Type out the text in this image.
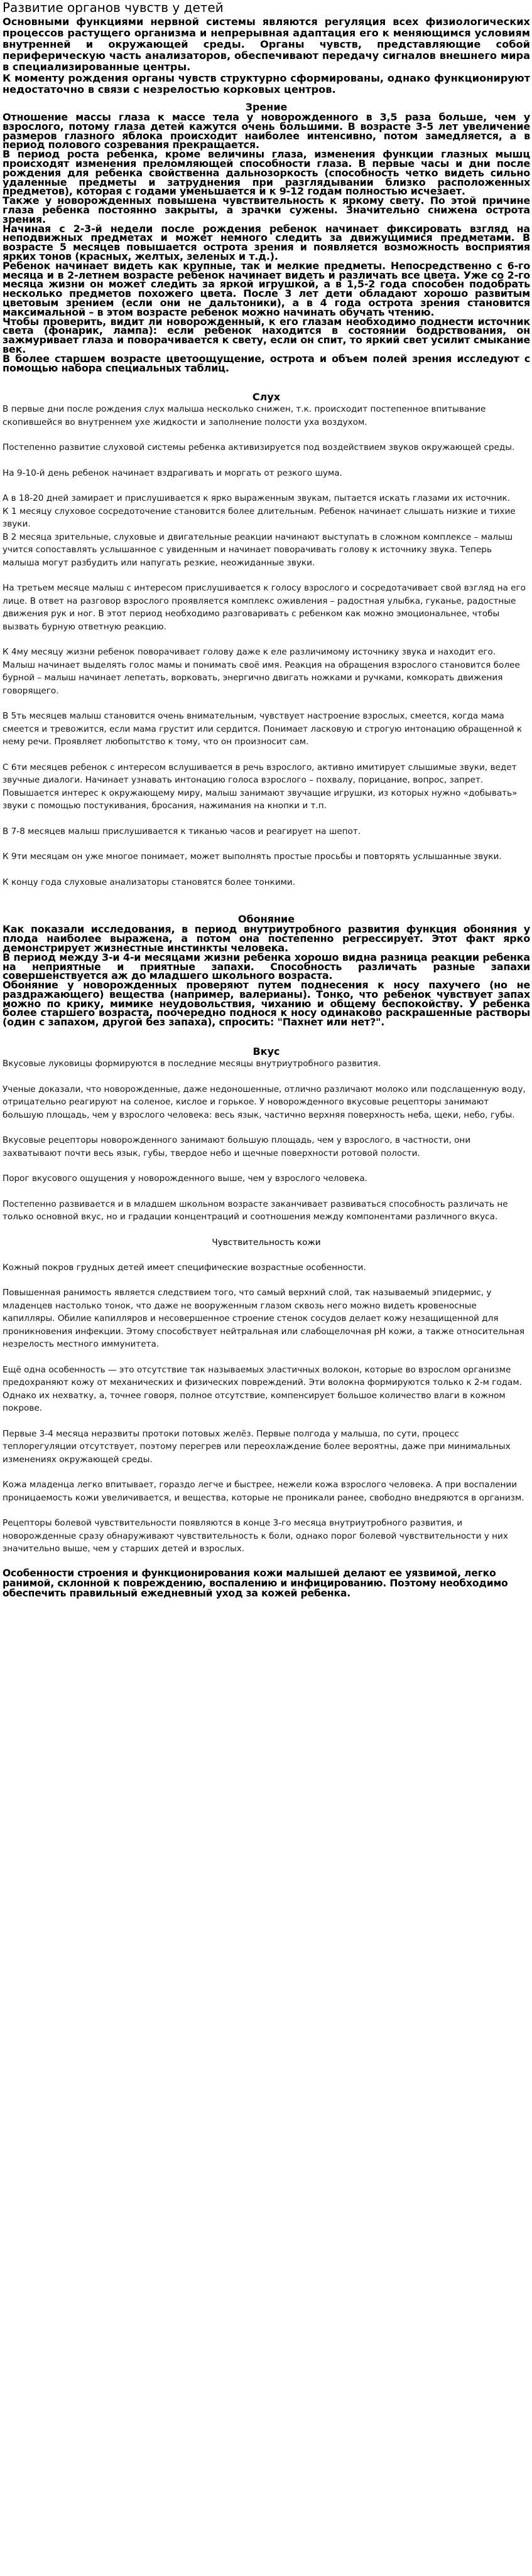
Развитие органов чувств у детей

Основными функциями нервной системы являются регуляция всех физиологических процессов растущего организма и непрерывная адаптация его к меняющимся условиям внутренней и окружающей среды. Органы чувств, представляющие собой периферическую часть анализаторов, обеспечивают передачу сигналов внешнего мира в специализированные центры.

К моменту рождения органы чувств структурно сформированы, однако функционируют недостаточно в связи с незрелостью корковых центров.

Зрение

Отношение массы глаза к массе тела у новорожденного в 3,5 раза больше, чем у взрослого, потому глаза детей кажутся очень большими. В возрасте 3-5 лет увеличение размеров глазного яблока происходит наиболее интенсивно, потом замедляется, а в период полового созревания прекращается.

В период роста ребенка, кроме величины глаза, изменения функции глазных мышц происходят изменения преломляющей способности глаза. В первые часы и дни после рождения для ребенка свойственна дальнозоркость (способность четко видеть сильно удаленные предметы и затруднения при разглядывании близко расположенных предметов), которая с годами уменьшается и к 9-12 годам полностью исчезает.

Также у новорожденных повышена чувствительность к яркому свету. По этой причине глаза ребенка постоянно закрыты, а зрачки сужены. Значительно снижена острота зрения.

Начиная с 2-3-й недели после рождения ребенок начинает фиксировать взгляд на неподвижных предметах и может немного следить за движущимися предметами. В возрасте 5 месяцев повышается острота зрения и появляется возможность восприятия ярких тонов (красных, желтых, зеленых и т.д.).

Ребенок начинает видеть как крупные, так и мелкие предметы. Непосредственно с 6-го месяца и в 2-летнем возрасте ребенок начинает видеть и различать все цвета. Уже со 2-го месяца жизни он может следить за яркой игрушкой, а в 1,5-2 года способен подобрать несколько предметов похожего цвета. После 3 лет дети обладают хорошо развитым цветовым зрением (если они не дальтоники), а в 4 года острота зрения становится максимальной – в этом возрасте ребенок можно начинать обучать чтению.

Чтобы проверить, видит ли новорожденный, к его глазам необходимо поднести источник света (фонарик, лампа): если ребенок находится в состоянии бодрствования, он зажмуривает глаза и поворачивается к свету, если он спит, то яркий свет усилит смыкание век.

В более старшем возрасте цветоощущение, острота и объем полей зрения исследуют с помощью набора специальных таблиц.

Слух

В первые дни после рождения слух малыша несколько снижен, т.к. происходит постепенное впитывание скопившейся во внутреннем ухе жидкости и заполнение полости уха воздухом.

Постепенно развитие слуховой системы ребенка активизируется под воздействием звуков окружающей среды.

На 9-10-й день ребенок начинает вздрагивать и моргать от резкого шума.

А в 18-20 дней замирает и прислушивается к ярко выраженным звукам, пытается искать глазами их источник.
К 1 месяцу слуховое сосредоточение становится более длительным. Ребенок начинает слышать низкие и тихие звуки.
В 2 месяца зрительные, слуховые и двигательные реакции начинают выступать в сложном комплексе – малыш учится сопоставлять услышанное с увиденным и начинает поворачивать голову к источнику звука. Теперь малыша могут разбудить или напугать резкие, неожиданные звуки.

На третьем месяце малыш с интересом прислушивается к голосу взрослого и сосредотачивает свой взгляд на его лице. В ответ на разговор взрослого проявляется комплекс оживления – радостная улыбка, гуканье, радостные движения рук и ног. В этот период необходимо разговаривать с ребенком как можно эмоциональнее, чтобы вызвать бурную ответную реакцию.

К 4му месяцу жизни ребенок поворачивает голову даже к еле различимому источнику звука и находит его. Малыш начинает выделять голос мамы и понимать своё имя. Реакция на обращения взрослого становится более бурной – малыш начинает лепетать, ворковать, энергично двигать ножками и ручками, комкорать движения говорящего.

В 5ть месяцев малыш становится очень внимательным, чувствует настроение взрослых, смеется, когда мама смеется и тревожится, если мама грустит или сердится. Понимает ласковую и строгую интонацию обращенной к нему речи. Проявляет любопытство к тому, что он произносит сам.

С 6ти месяцев ребенок с интересом вслушивается в речь взрослого, активно имитирует слышимые звуки, ведет звучные диалоги. Начинает узнавать интонацию голоса взрослого – похвалу, порицание, вопрос, запрет. Повышается интерес к окружающему миру, малыш занимают звучащие игрушки, из которых нужно «добывать» звуки с помощью постукивания, бросания, нажимания на кнопки и т.п.

В 7-8 месяцев малыш прислушивается к тиканью часов и реагирует на шепот.

К 9ти месяцам он уже многое понимает, может выполнять простые просьбы и повторять услышанные звуки.

К концу года слуховые анализаторы становятся более тонкими.

Обоняние

Как показали исследования, в период внутриутробного развития функция обоняния у плода наиболее выражена, а потом она постепенно регрессирует. Этот факт ярко демонстрирует жизнестные инстинкты человека.

В период между 3-и 4-и месяцами жизни ребенка хорошо видна разница реакции ребенка на неприятные и приятные запахи. Способность различать разные запахи совершенствуется аж до младшего школьного возраста.

Обоняние у новорожденных проверяют путем поднесения к носу пахучего (но не раздражающего) вещества (например, валерианы). Тонко, что ребенок чувствует запах можно по крику, мимике неудовольствия, чиханию и общему беспокойству. У ребенка более старшего возраста, поочередно поднося к носу одинаково раскрашенные растворы (один с запахом, другой без запаха), спросить: "Пахнет или нет?".

Вкус

Вкусовые луковицы формируются в последние месяцы внутриутробного развития.

Ученые доказали, что новорожденные, даже недоношенные, отлично различают молоко или подслащенную воду, отрицательно реагируют на соленое, кислое и горькое. У новорожденного вкусовые рецепторы занимают большую площадь, чем у взрослого человека: весь язык, частично верхняя поверхность неба, щеки, небо, губы.

Вкусовые рецепторы новорожденного занимают большую площадь, чем у взрослого, в частности, они захватывают почти весь язык, губы, твердое небо и щечные поверхности ротовой полости.

Порог вкусового ощущения у новорожденного выше, чем у взрослого человека.

Постепенно развивается и в младшем школьном возрасте заканчивает развиваться способность различать не только основной вкус, но и градации концентраций и соотношения между компонентами различного вкуса.

Чувствительность кожи

Кожный покров грудных детей имеет специфические возрастные особенности.

Повышенная ранимость является следствием того, что самый верхний слой, так называемый эпидермис, у младенцев настолько тонок, что даже не вооруженным глазом сквозь него можно видеть кровеносные капилляры. Обилие капилляров и несовершенное строение стенок сосудов делает кожу незащищенной для проникновения инфекции. Этому способствует нейтральная или слабощелочная рН кожи, а также относительная незрелость местного иммунитета.

Ещё одна особенность — это отсутствие так называемых эластичных волокон, которые во взрослом организме предохраняют кожу от механических и физических повреждений. Эти волокна формируются только к 2-м годам. Однако их нехватку, а, точнее говоря, полное отсутствие, компенсирует большое количество влаги в кожном покрове.

Первые 3-4 месяца неразвиты протоки потовых желёз. Первые полгода у малыша, по сути, процесс теплорегуляции отсутствует, поэтому перегрев или переохлаждение более вероятны, даже при минимальных изменениях окружающей среды.

Кожа младенца легко впитывает, гораздо легче и быстрее, нежели кожа взрослого человека. А при воспалении проницаемость кожи увеличивается, и вещества, которые не проникали ранее, свободно внедряются в организм.

Рецепторы болевой чувствительности появляются в конце 3-го месяца внутриутробного развития, и новорожденные сразу обнаруживают чувствительность к боли, однако порог болевой чувствительности у них значительно выше, чем у старших детей и взрослых.

Особенности строения и функционирования кожи малышей делают ее уязвимой, легко ранимой, склонной к повреждению, воспалению и инфицированию. Поэтому необходимо обеспечить правильный ежедневный уход за кожей ребенка.
